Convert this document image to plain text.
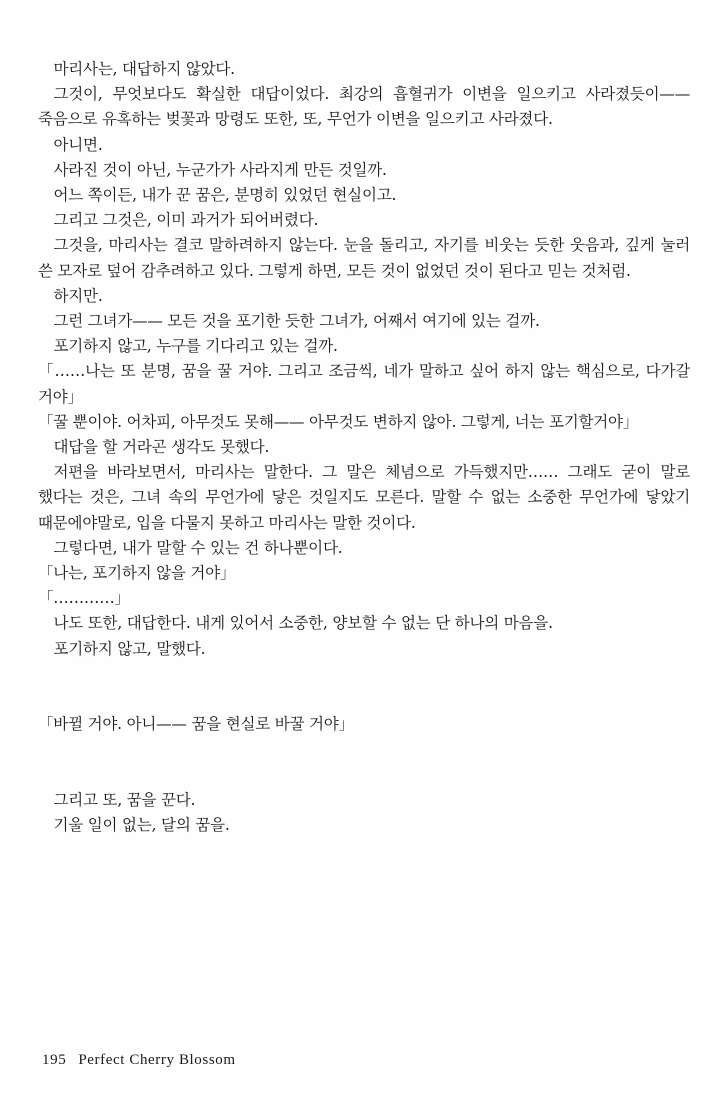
마리사는, 대답하지 않았다.

그것이, 무엇보다도 확실한 대답이었다. 최강의 흡혈귀가 이변을 일으키고 사라졌듯이—— 죽음으로 유혹하는 벚꽃과 망령도 또한, 또, 무언가 이변을 일으키고 사라졌다.

아니면.

사라진 것이 아닌, 누군가가 사라지게 만든 것일까.

어느 쪽이든, 내가 꾼 꿈은, 분명히 있었던 현실이고.

그리고 그것은, 이미 과거가 되어버렸다.

그것을, 마리사는 결코 말하려하지 않는다. 눈을 돌리고, 자기를 비웃는 듯한 웃음과, 깊게 눌러 쓴 모자로 덮어 감추려하고 있다. 그렇게 하면, 모든 것이 없었던 것이 된다고 믿는 것처럼.

하지만.

그런 그녀가—— 모든 것을 포기한 듯한 그녀가, 어째서 여기에 있는 걸까.

포기하지 않고, 누구를 기다리고 있는 걸까.

「……나는 또 분명, 꿈을 꿀 거야. 그리고 조금씩, 네가 말하고 싶어 하지 않는 핵심으로, 다가갈 거야」

「꿀 뿐이야. 어차피, 아무것도 못해—— 아무것도 변하지 않아. 그렇게, 너는 포기할거야」

대답을 할 거라곤 생각도 못했다.

저편을 바라보면서, 마리사는 말한다. 그 말은 체념으로 가득했지만…… 그래도 굳이 말로 했다는 것은, 그녀 속의 무언가에 닿은 것일지도 모른다. 말할 수 없는 소중한 무언가에 닿았기 때문에야말로, 입을 다물지 못하고 마리사는 말한 것이다.

그렇다면, 내가 말할 수 있는 건 하나뿐이다.

「나는, 포기하지 않을 거야」

「…………」

나도 또한, 대답한다. 내게 있어서 소중한, 양보할 수 없는 단 하나의 마음을.

포기하지 않고, 말했다.

「바뀔 거야. 아니—— 꿈을 현실로 바꿀 거야」

그리고 또, 꿈을 꾼다.

기울 일이 없는, 달의 꿈을.

195 Perfect Cherry Blossom
